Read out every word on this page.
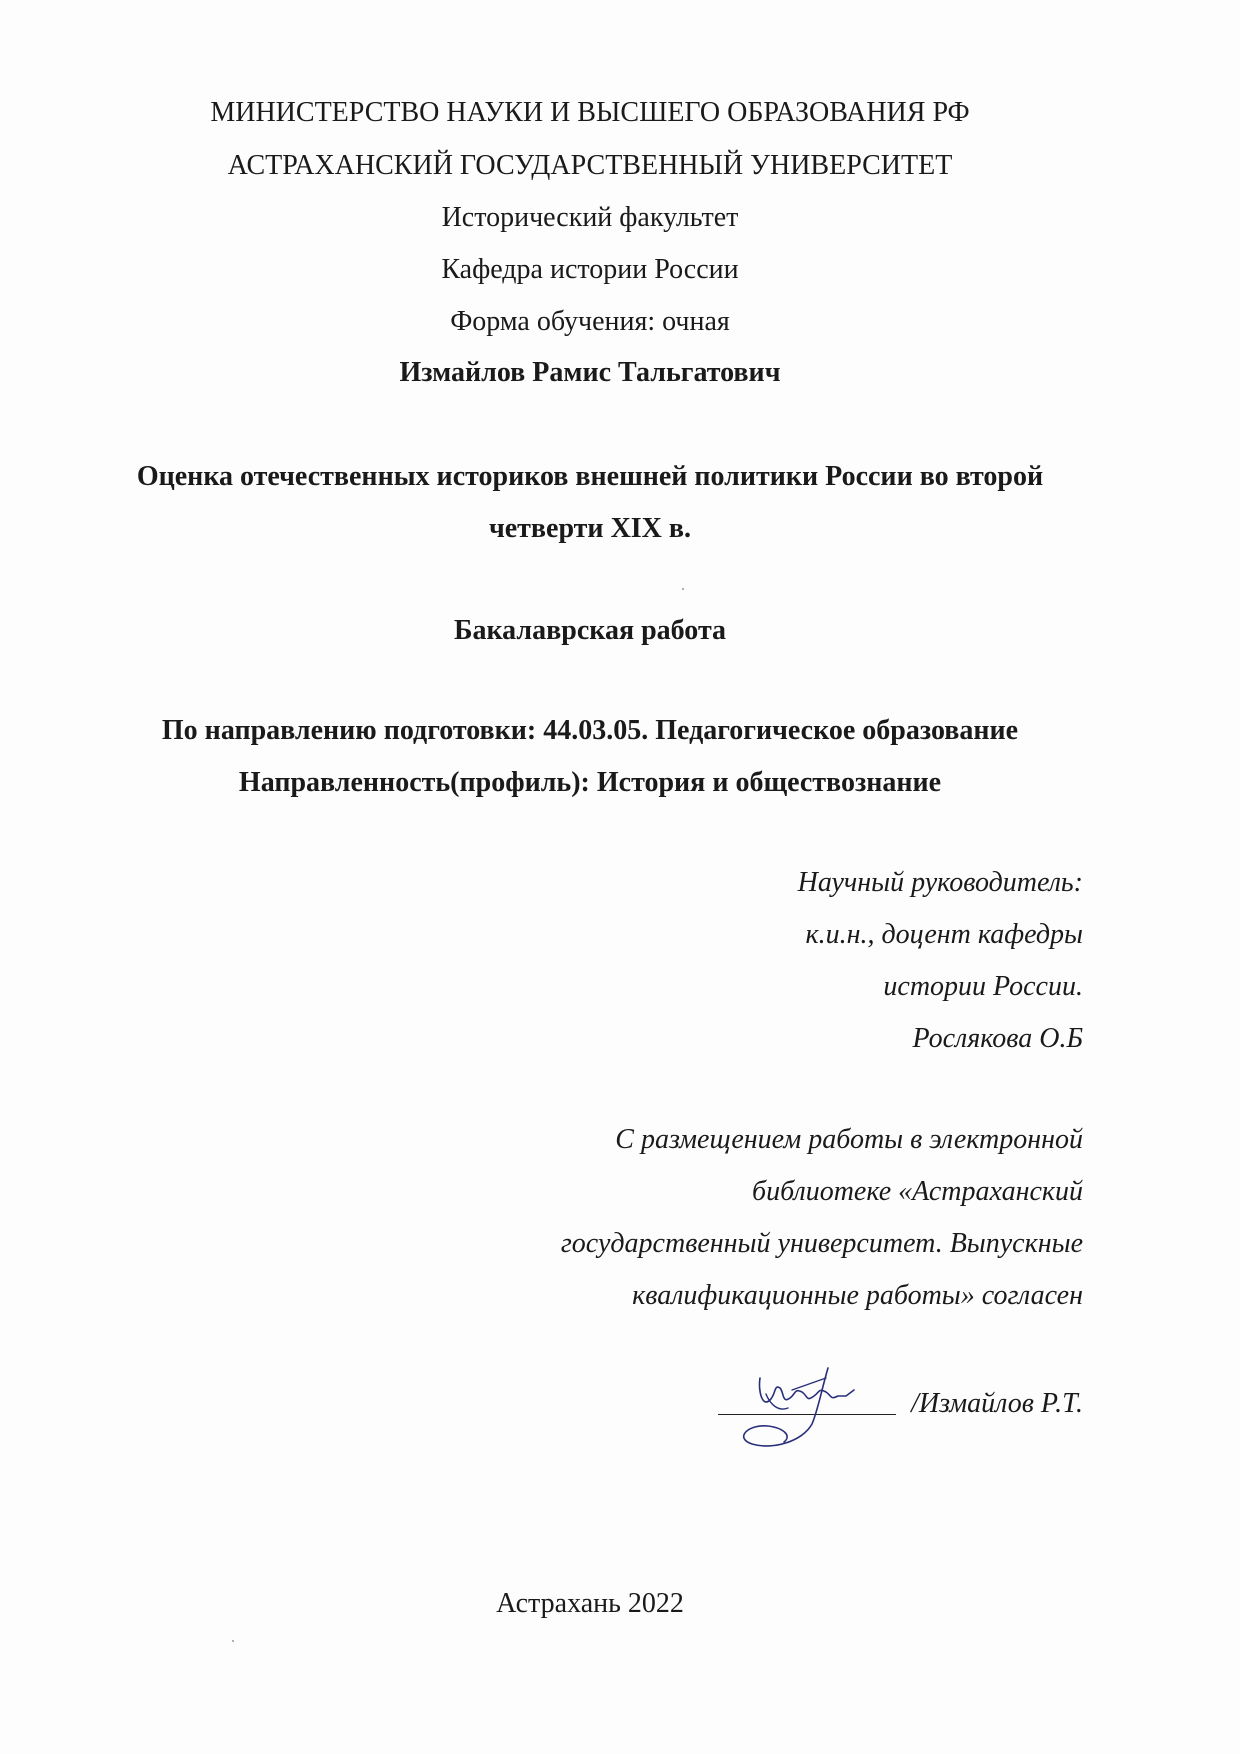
МИНИСТЕРСТВО НАУКИ И ВЫСШЕГО ОБРАЗОВАНИЯ РФ
АСТРАХАНСКИЙ ГОСУДАРСТВЕННЫЙ УНИВЕРСИТЕТ
Исторический факультет
Кафедра истории России
Форма обучения: очная
Измайлов Рамис Тальгатович
Оценка отечественных историков внешней политики России во второй
четверти XIX в.
Бакалаврская работа
По направлению подготовки: 44.03.05. Педагогическое образование
Направленность(профиль): История и обществознание
Научный руководитель:
к.и.н., доцент кафедры
истории России.
Рослякова О.Б
С размещением работы в электронной
библиотеке «Астраханский
государственный университет. Выпускные
квалификационные работы» согласен
/Измайлов Р.Т.
Астрахань 2022
